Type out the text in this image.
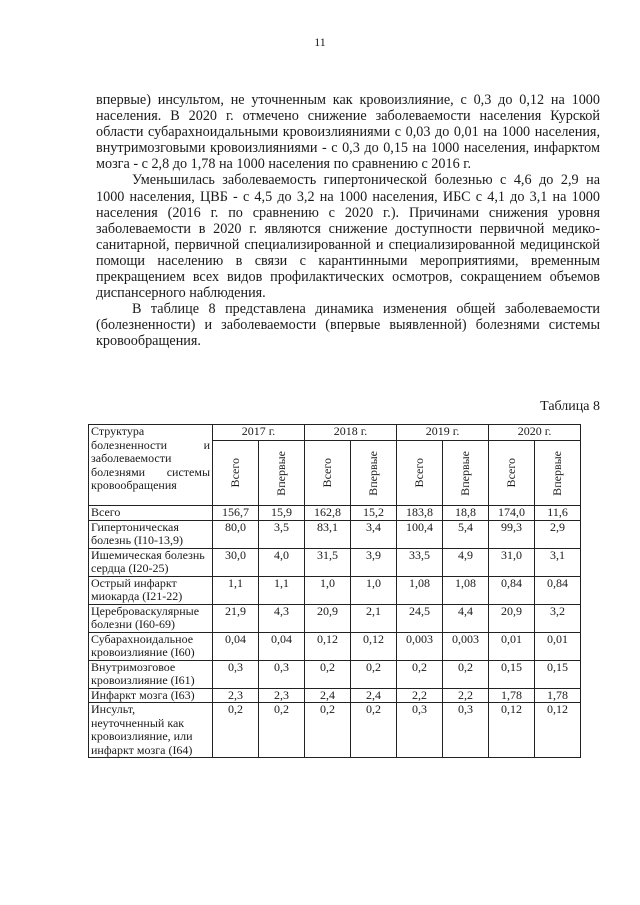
11

впервые) инсультом, не уточненным как кровоизлияние, с 0,3 до 0,12 на 1000 населения. В 2020 г. отмечено снижение заболеваемости населения Курской области субарахноидальными кровоизлияниями с 0,03 до 0,01 на 1000 населения, внутримозговыми кровоизлияниями - с 0,3 до 0,15 на 1000 населения, инфарктом мозга - с 2,8 до 1,78 на 1000 населения по сравнению с 2016 г.

Уменьшилась заболеваемость гипертонической болезнью с 4,6 до 2,9 на 1000 населения, ЦВБ - с 4,5 до 3,2 на 1000 населения, ИБС с 4,1 до 3,1 на 1000 населения (2016 г. по сравнению с 2020 г.). Причинами снижения уровня заболеваемости в 2020 г. являются снижение доступности первичной медико-санитарной, первичной специализированной и специализированной медицинской помощи населению в связи с карантинными мероприятиями, временным прекращением всех видов профилактических осмотров, сокращением объемов диспансерного наблюдения.

В таблице 8 представлена динамика изменения общей заболеваемости (болезненности) и заболеваемости (впервые выявленной) болезнями системы кровообращения.

Таблица 8
Структура болезненности и заболеваемости болезнями системы кровообращения	2017 г.		2018 г.		2019 г.		2020 г.	

	Всего	Впервые	Всего	Впервые	Всего	Впервые	Всего	Впервые

Всего	156,7	15,9	162,8	15,2	183,8	18,8	174,0	11,6
Гипертоническая болезнь (I10-13,9)	80,0	3,5	83,1	3,4	100,4	5,4	99,3	2,9
Ишемическая болезнь сердца (I20-25)	30,0	4,0	31,5	3,9	33,5	4,9	31,0	3,1
Острый инфаркт миокарда (I21-22)	1,1	1,1	1,0	1,0	1,08	1,08	0,84	0,84
Цереброваскулярные болезни (I60-69)	21,9	4,3	20,9	2,1	24,5	4,4	20,9	3,2
Субарахноидальное кровоизлияние (I60)	0,04	0,04	0,12	0,12	0,003	0,003	0,01	0,01
Внутримозговое кровоизлияние (I61)	0,3	0,3	0,2	0,2	0,2	0,2	0,15	0,15
Инфаркт мозга (I63)	2,3	2,3	2,4	2,4	2,2	2,2	1,78	1,78
Инсульт, неуточненный как кровоизлияние, или инфаркт мозга (I64)	0,2	0,2	0,2	0,2	0,3	0,3	0,12	0,12
